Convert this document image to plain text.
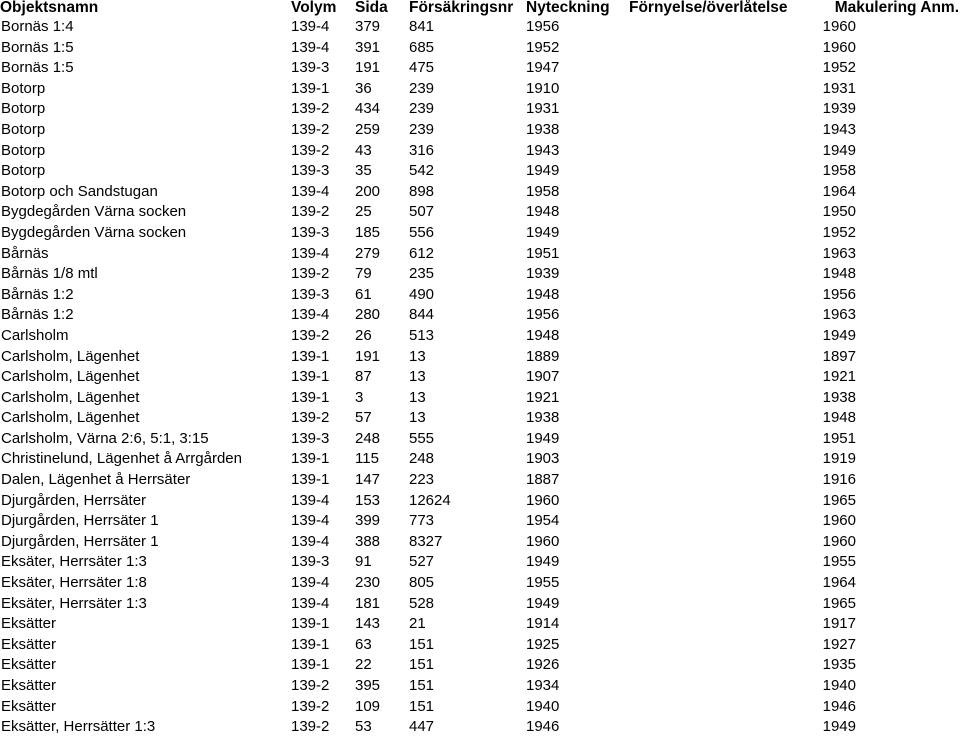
Objektsnamn	Volym	Sida	Försäkringsnr	Nyteckning	Förnyelse/överlåtelse	Makulering Anm.
Bornäs 1:4	139-4	379	841	1956		1960
Bornäs 1:5	139-4	391	685	1952		1960
Bornäs 1:5	139-3	191	475	1947		1952
Botorp	139-1	36	239	1910		1931
Botorp	139-2	434	239	1931		1939
Botorp	139-2	259	239	1938		1943
Botorp	139-2	43	316	1943		1949
Botorp	139-3	35	542	1949		1958
Botorp och Sandstugan	139-4	200	898	1958		1964
Bygdegården Värna socken	139-2	25	507	1948		1950
Bygdegården Värna socken	139-3	185	556	1949		1952
Bårnäs	139-4	279	612	1951		1963
Bårnäs 1/8 mtl	139-2	79	235	1939		1948
Bårnäs 1:2	139-3	61	490	1948		1956
Bårnäs 1:2	139-4	280	844	1956		1963
Carlsholm	139-2	26	513	1948		1949
Carlsholm, Lägenhet	139-1	191	13	1889		1897
Carlsholm, Lägenhet	139-1	87	13	1907		1921
Carlsholm, Lägenhet	139-1	3	13	1921		1938
Carlsholm, Lägenhet	139-2	57	13	1938		1948
Carlsholm, Värna 2:6, 5:1, 3:15	139-3	248	555	1949		1951
Christinelund, Lägenhet å Arrgården	139-1	115	248	1903		1919
Dalen, Lägenhet å Herrsäter	139-1	147	223	1887		1916
Djurgården, Herrsäter	139-4	153	12624	1960		1965
Djurgården, Herrsäter 1	139-4	399	773	1954		1960
Djurgården, Herrsäter 1	139-4	388	8327	1960		1960
Eksäter, Herrsäter 1:3	139-3	91	527	1949		1955
Eksäter, Herrsäter 1:8	139-4	230	805	1955		1964
Eksäter, Herrsäter 1:3	139-4	181	528	1949		1965
Eksätter	139-1	143	21	1914		1917
Eksätter	139-1	63	151	1925		1927
Eksätter	139-1	22	151	1926		1935
Eksätter	139-2	395	151	1934		1940
Eksätter	139-2	109	151	1940		1946
Eksätter, Herrsätter 1:3	139-2	53	447	1946		1949
